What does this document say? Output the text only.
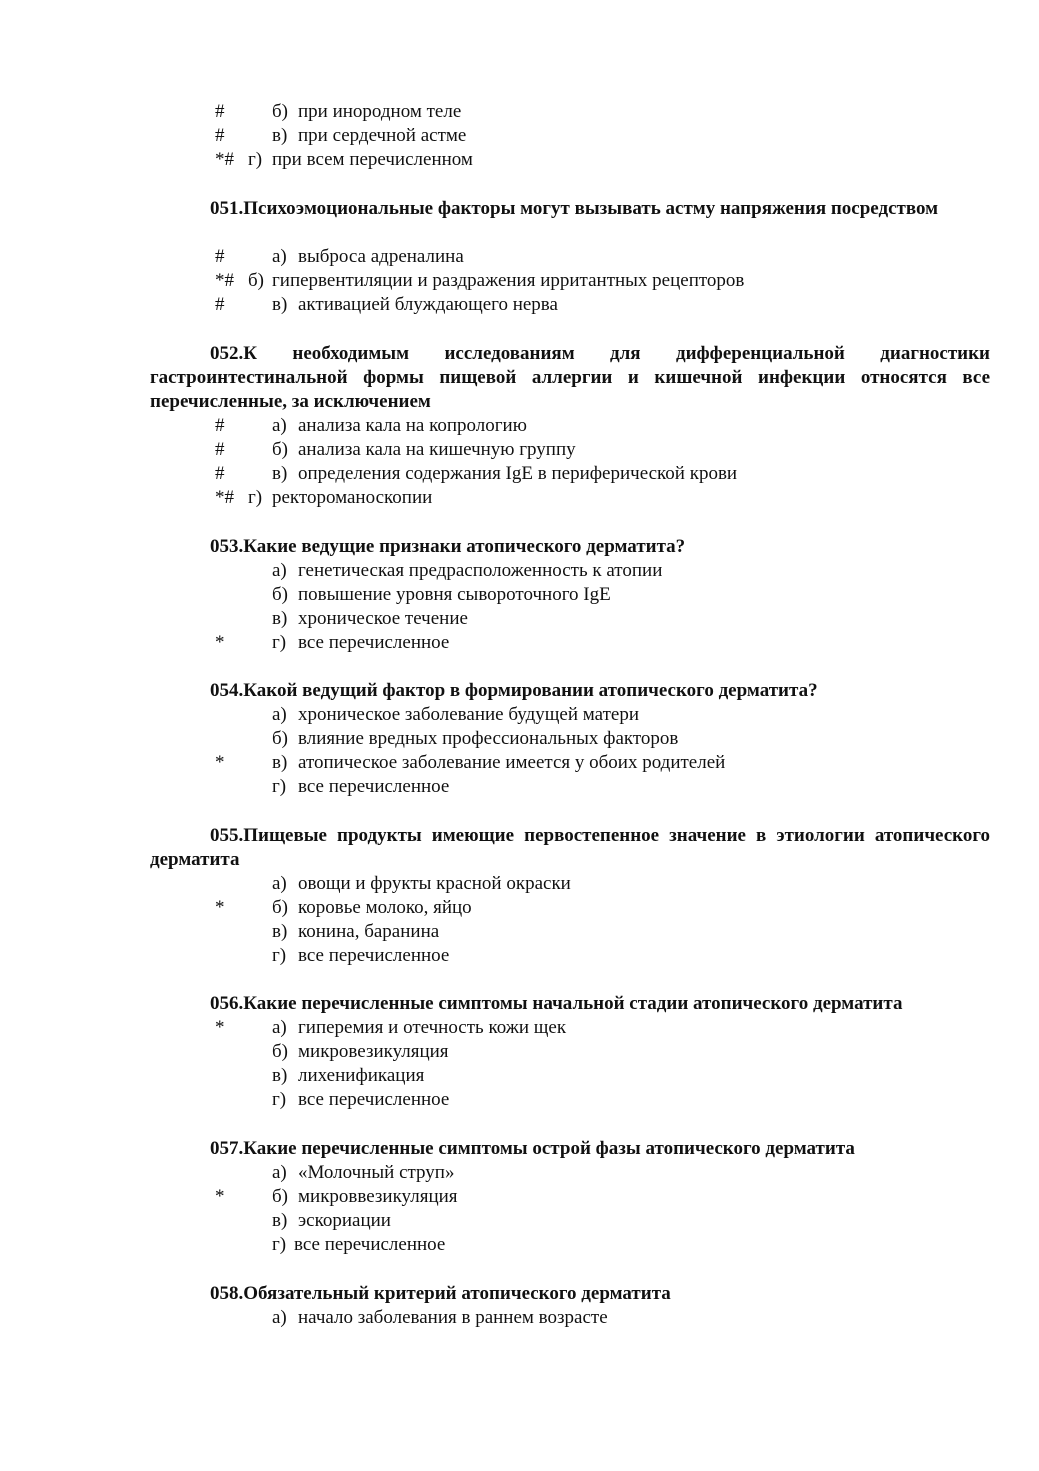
#	б) при инородном теле
#	в) при сердечной астме
*# г) при всем перечисленном
051.Психоэмоциональные факторы могут вызывать астму напряжения посредством
#	а) выброса адреналина
*# б) гипервентиляции и раздражения ирритантных рецепторов
#	в) активацией блуждающего нерва
052.К необходимым исследованиям для дифференциальной диагностики гастроинтестинальной формы пищевой аллергии и кишечной инфекции относятся все перечисленные, за исключением
#	а) анализа кала на копрологию
#	б) анализа кала на кишечную группу
#	в) определения содержания IgE в периферической крови
*# г) ректороманоскопии
053.Какие ведущие признаки атопического дерматита?
а) генетическая предрасположенность к атопии
б) повышение уровня сывороточного IgE
в) хроническое течение
*	г) все перечисленное
054.Какой ведущий фактор в формировании атопического дерматита?
а) хроническое заболевание будущей матери
б) влияние вредных профессиональных факторов
*	в) атопическое заболевание имеется у обоих родителей
г) все перечисленное
055.Пищевые продукты имеющие первостепенное значение в этиологии атопического дерматита
а) овощи и фрукты красной окраски
*	б) коровье молоко, яйцо
в) конина, баранина
г) все перечисленное
056.Какие перечисленные симптомы начальной стадии атопического дерматита
*	а) гиперемия и отечность кожи щек
б) микровезикуляция
в) лихенификация
г) все перечисленное
057.Какие перечисленные симптомы острой фазы атопического дерматита
а) «Молочный струп»
*	б) микроввезикуляция
в) эскориации
г) все перечисленное
058.Обязательный критерий атопического дерматита
а) начало заболевания в раннем возрасте
